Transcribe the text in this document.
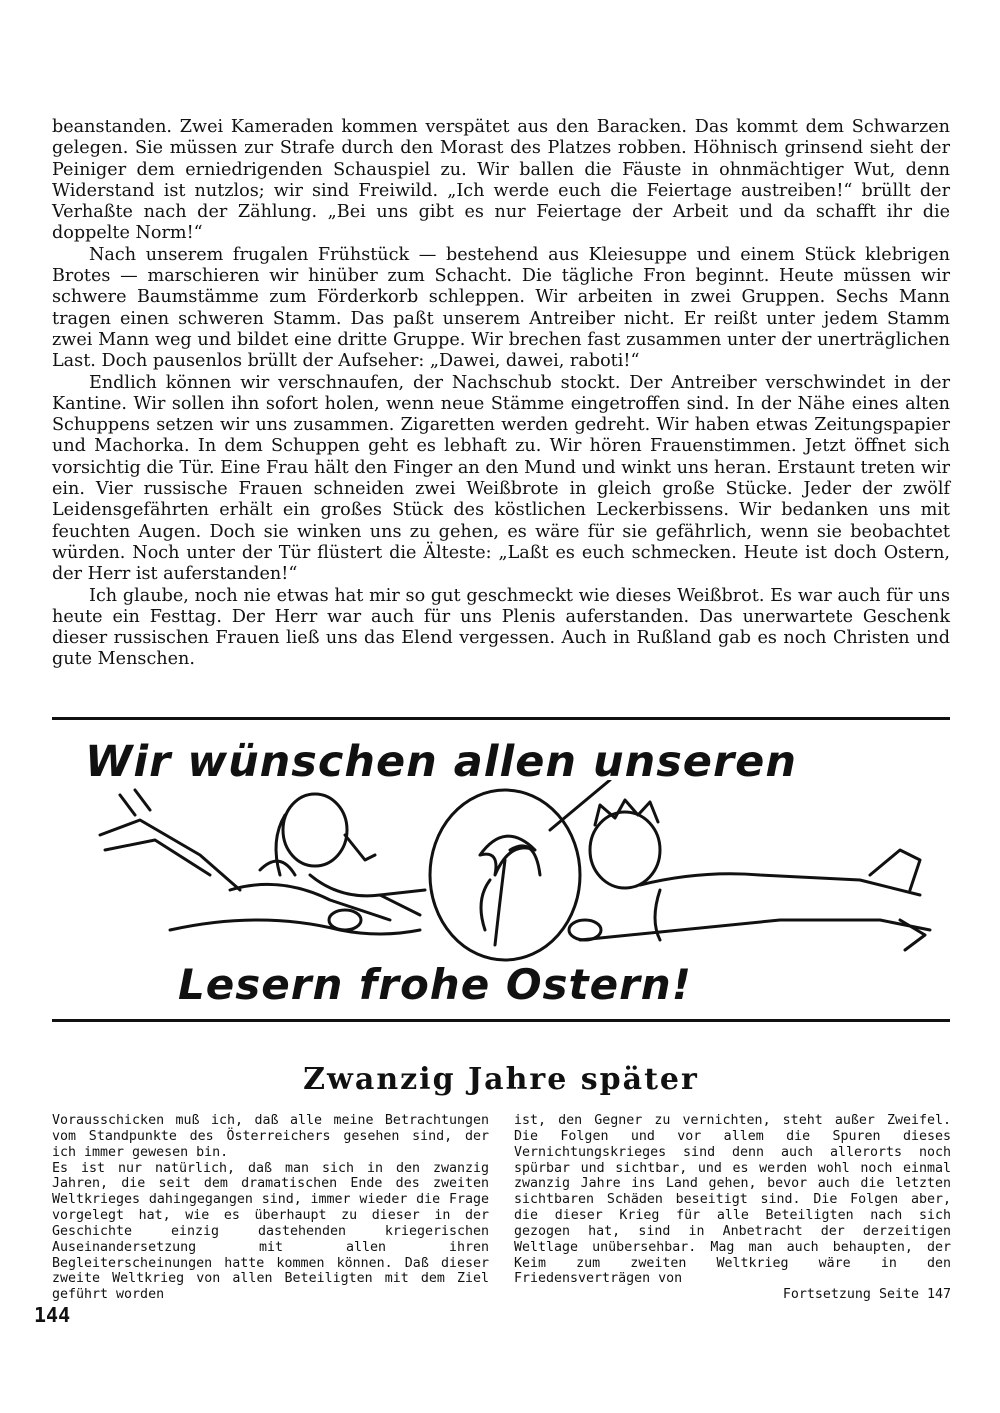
beanstanden. Zwei Kameraden kommen verspätet aus den Baracken. Das kommt dem Schwarzen gelegen. Sie müssen zur Strafe durch den Morast des Platzes robben. Höhnisch grinsend sieht der Peiniger dem erniedrigenden Schauspiel zu. Wir ballen die Fäuste in ohnmächtiger Wut, denn Widerstand ist nutzlos; wir sind Freiwild. „Ich werde euch die Feiertage austreiben!“ brüllt der Verhaßte nach der Zählung. „Bei uns gibt es nur Feiertage der Arbeit und da schafft ihr die doppelte Norm!“

Nach unserem frugalen Frühstück — bestehend aus Kleiesuppe und einem Stück klebrigen Brotes — marschieren wir hinüber zum Schacht. Die tägliche Fron beginnt. Heute müssen wir schwere Baumstämme zum Förderkorb schleppen. Wir arbeiten in zwei Gruppen. Sechs Mann tragen einen schweren Stamm. Das paßt unserem Antreiber nicht. Er reißt unter jedem Stamm zwei Mann weg und bildet eine dritte Gruppe. Wir brechen fast zusammen unter der unerträglichen Last. Doch pausenlos brüllt der Aufseher: „Dawei, dawei, raboti!“

Endlich können wir verschnaufen, der Nachschub stockt. Der Antreiber verschwindet in der Kantine. Wir sollen ihn sofort holen, wenn neue Stämme eingetroffen sind. In der Nähe eines alten Schuppens setzen wir uns zusammen. Zigaretten werden gedreht. Wir haben etwas Zeitungspapier und Machorka. In dem Schuppen geht es lebhaft zu. Wir hören Frauenstimmen. Jetzt öffnet sich vorsichtig die Tür. Eine Frau hält den Finger an den Mund und winkt uns heran. Erstaunt treten wir ein. Vier russische Frauen schneiden zwei Weißbrote in gleich große Stücke. Jeder der zwölf Leidensgefährten erhält ein großes Stück des köstlichen Leckerbissens. Wir bedanken uns mit feuchten Augen. Doch sie winken uns zu gehen, es wäre für sie gefährlich, wenn sie beobachtet würden. Noch unter der Tür flüstert die Älteste: „Laßt es euch schmecken. Heute ist doch Ostern, der Herr ist auferstanden!“

Ich glaube, noch nie etwas hat mir so gut geschmeckt wie dieses Weißbrot. Es war auch für uns heute ein Festtag. Der Herr war auch für uns Plenis auferstanden. Das unerwartete Geschenk dieser russischen Frauen ließ uns das Elend vergessen. Auch in Rußland gab es noch Christen und gute Menschen.

Wir wünschen allen unseren
Lesern frohe Ostern!
Zwanzig Jahre später

Vorausschicken muß ich, daß alle meine Betrachtungen vom Standpunkte des Österreichers gesehen sind, der ich immer gewesen bin.

Es ist nur natürlich, daß man sich in den zwanzig Jahren, die seit dem dramatischen Ende des zweiten Weltkrieges dahingegangen sind, immer wieder die Frage vorgelegt hat, wie es überhaupt zu dieser in der Geschichte einzig dastehenden kriegerischen Auseinandersetzung mit allen ihren Begleiterscheinungen hatte kommen können. Daß dieser zweite Weltkrieg von allen Beteiligten mit dem Ziel geführt worden

ist, den Gegner zu vernichten, steht außer Zweifel. Die Folgen und vor allem die Spuren dieses Vernichtungskrieges sind denn auch allerorts noch spürbar und sichtbar, und es werden wohl noch einmal zwanzig Jahre ins Land gehen, bevor auch die letzten sichtbaren Schäden beseitigt sind. Die Folgen aber, die dieser Krieg für alle Beteiligten nach sich gezogen hat, sind in Anbetracht der derzeitigen Weltlage unübersehbar. Mag man auch behaupten, der Keim zum zweiten Weltkrieg wäre in den Friedensverträgen von

Fortsetzung Seite 147

144
